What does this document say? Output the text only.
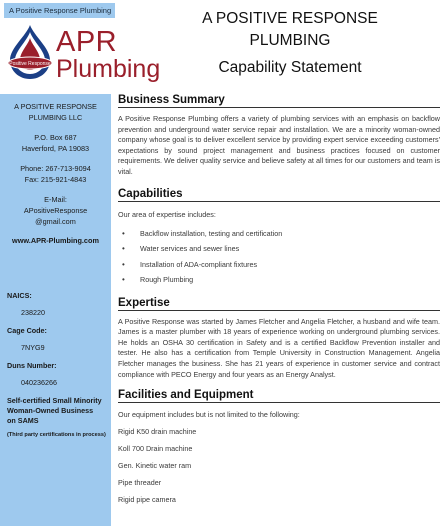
A Positive Response Plumbing
Positive Response
APR
Plumbing
A POSITIVE RESPONSE
PLUMBING
Capability Statement
A POSITIVE RESPONSE
PLUMBING LLC
P.O. Box 687
Haverford, PA 19083
Phone: 267-713-9094
Fax: 215-921-4843
E-Mail:
APositiveResponse
@gmail.com
www.APR-Plumbing.com
NAICS:
238220
Cage Code:
7NYG9
Duns Number:
040236266
Self-certified Small Minority
Woman-Owned Business
on SAMS
(Third party certifications in process)
Business Summary
A Positive Response Plumbing offers a variety of plumbing services with an emphasis on backflow prevention and underground water service repair and installation. We are a minority woman-owned company whose goal is to deliver excellent service by providing expert service exceeding customers' expectations by sound project management and business practices focused on customer requirements. We deliver quality service and believe safety at all times for our customers and team is vital.
Capabilities
Our area of expertise includes:
• Backflow installation, testing and certification
• Water services and sewer lines
• Installation of ADA-compliant fixtures
• Rough Plumbing
Expertise
A Positive Response was started by James Fletcher and Angelia Fletcher, a husband and wife team. James is a master plumber with 18 years of experience working on underground plumbing services. He holds an OSHA 30 certification in Safety and is a certified Backflow Prevention installer and tester. He also has a certification from Temple University in Construction Management. Angelia Fletcher manages the business. She has 21 years of experience in customer service and contract compliance with PECO Energy and four years as an Energy Analyst.
Facilities and Equipment
Our equipment includes but is not limited to the following:
Rigid K50 drain machine
Koll 700 Drain machine
Gen. Kinetic water ram
Pipe threader
Rigid pipe camera
